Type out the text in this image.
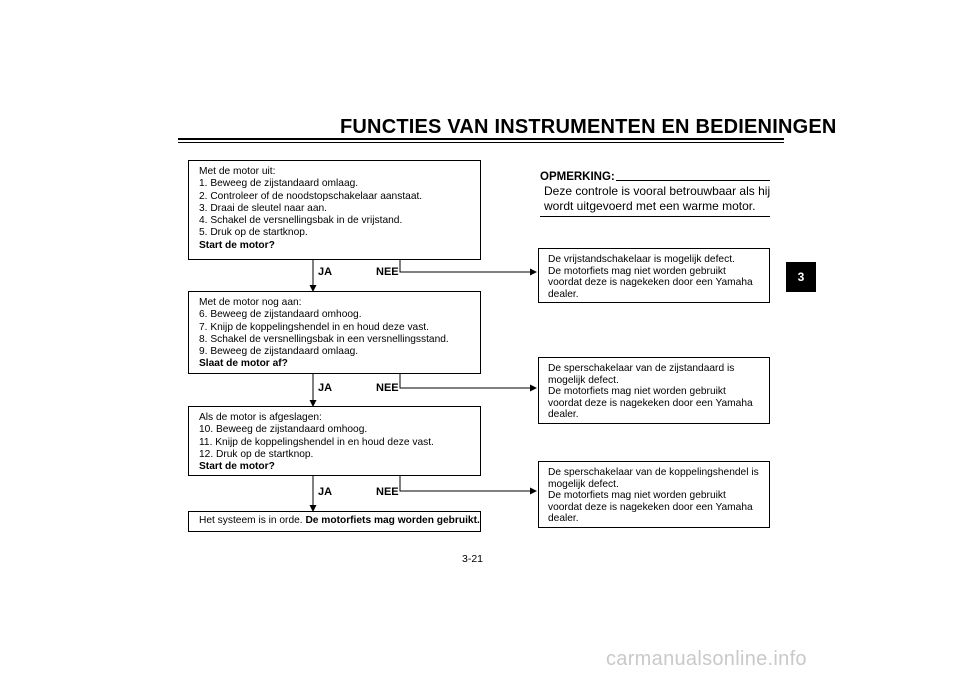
FUNCTIES VAN INSTRUMENTEN EN BEDIENINGEN
Met de motor uit:
1. Beweeg de zijstandaard omlaag.
2. Controleer of de noodstopschakelaar aanstaat.
3. Draai de sleutel naar aan.
4. Schakel de versnellingsbak in de vrijstand.
5. Druk op de startknop.
Start de motor?
JA	NEE
Met de motor nog aan:
6. Beweeg de zijstandaard omhoog.
7. Knijp de koppelingshendel in en houd deze vast.
8. Schakel de versnellingsbak in een versnellingsstand.
9. Beweeg de zijstandaard omlaag.
Slaat de motor af?
JA	NEE
Als de motor is afgeslagen:
10. Beweeg de zijstandaard omhoog.
11. Knijp de koppelingshendel in en houd deze vast.
12. Druk op de startknop.
Start de motor?
JA	NEE
Het systeem is in orde. De motorfiets mag worden gebruikt.
De vrijstandschakelaar is mogelijk defect.
De motorfiets mag niet worden gebruikt
voordat deze is nagekeken door een Yamaha dealer.
De sperschakelaar van de zijstandaard is mogelijk defect.
De motorfiets mag niet worden gebruikt
voordat deze is nagekeken door een Yamaha dealer.
De sperschakelaar van de koppelingshendel is mogelijk defect.
De motorfiets mag niet worden gebruikt
voordat deze is nagekeken door een Yamaha dealer.
OPMERKING:
Deze controle is vooral betrouwbaar als hij wordt uitgevoerd met een warme motor.
3
3-21
carmanualsonline.info
